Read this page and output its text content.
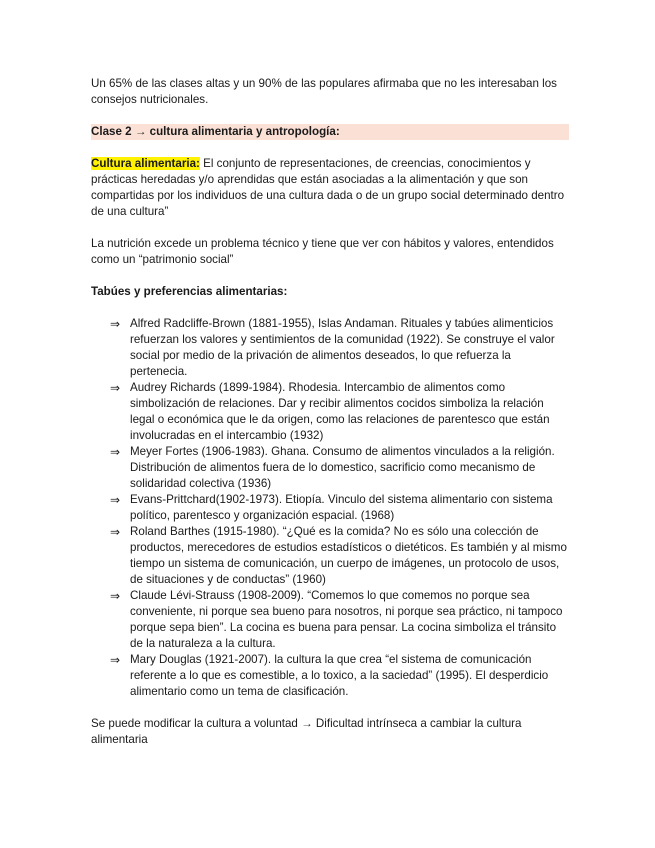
Un 65% de las clases altas y un 90% de las populares afirmaba que no les interesaban los consejos nutricionales.

Clase 2 → cultura alimentaria y antropología:

Cultura alimentaria: El conjunto de representaciones, de creencias, conocimientos y prácticas heredadas y/o aprendidas que están asociadas a la alimentación y que son compartidas por los individuos de una cultura dada o de un grupo social determinado dentro de una cultura”

La nutrición excede un problema técnico y tiene que ver con hábitos y valores, entendidos como un “patrimonio social”

Tabúes y preferencias alimentarias:

⇒ Alfred Radcliffe-Brown (1881-1955), Islas Andaman. Rituales y tabúes alimenticios refuerzan los valores y sentimientos de la comunidad (1922). Se construye el valor social por medio de la privación de alimentos deseados, lo que refuerza la pertenecia.
⇒ Audrey Richards (1899-1984). Rhodesia. Intercambio de alimentos como simbolización de relaciones. Dar y recibir alimentos cocidos simboliza la relación legal o económica que le da origen, como las relaciones de parentesco que están involucradas en el intercambio (1932)
⇒ Meyer Fortes (1906-1983). Ghana. Consumo de alimentos vinculados a la religión. Distribución de alimentos fuera de lo domestico, sacrificio como mecanismo de solidaridad colectiva (1936)
⇒ Evans-Prittchard(1902-1973). Etiopía. Vinculo del sistema alimentario con sistema político, parentesco y organización espacial. (1968)
⇒ Roland Barthes (1915-1980). “¿Qué es la comida? No es sólo una colección de productos, merecedores de estudios estadísticos o dietéticos. Es también y al mismo tiempo un sistema de comunicación, un cuerpo de imágenes, un protocolo de usos, de situaciones y de conductas” (1960)
⇒ Claude Lévi-Strauss (1908-2009). “Comemos lo que comemos no porque sea conveniente, ni porque sea bueno para nosotros, ni porque sea práctico, ni tampoco porque sepa bien”. La cocina es buena para pensar. La cocina simboliza el tránsito de la naturaleza a la cultura.
⇒ Mary Douglas (1921-2007). la cultura la que crea “el sistema de comunicación referente a lo que es comestible, a lo toxico, a la saciedad” (1995). El desperdicio alimentario como un tema de clasificación.

Se puede modificar la cultura a voluntad → Dificultad intrínseca a cambiar la cultura alimentaria
